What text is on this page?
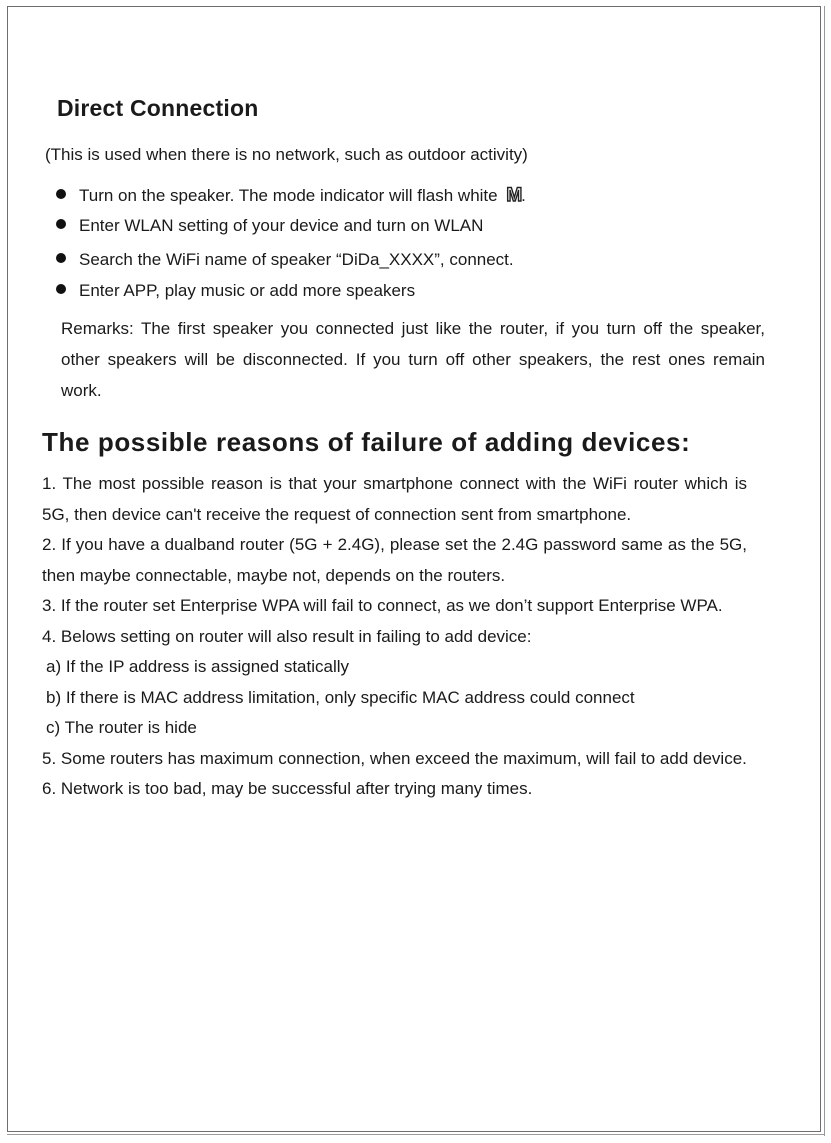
Direct Connection
(This is used when there is no network, such as outdoor activity)
Turn on the speaker. The mode indicator will flash white M.
Enter WLAN setting of your device and turn on WLAN
Search the WiFi name of speaker “DiDa_XXXX”, connect.
Enter APP, play music or add more speakers
Remarks: The first speaker you connected just like the router, if you turn off the speaker, other speakers will be disconnected. If you turn off other speakers, the rest ones remain work.
The possible reasons of failure of adding devices:

1. The most possible reason is that your smartphone connect with the WiFi router which is 5G, then device can't receive the request of connection sent from smartphone.

2. If you have a dualband router (5G + 2.4G), please set the 2.4G password same as the 5G, then maybe connectable, maybe not, depends on the routers.

3. If the router set Enterprise WPA will fail to connect, as we don’t support Enterprise WPA.

4. Belows setting on router will also result in failing to add device:

a) If the IP address is assigned statically

b) If there is MAC address limitation, only specific MAC address could connect

c) The router is hide

5. Some routers has maximum connection, when exceed the maximum, will fail to add device.

6. Network is too bad, may be successful after trying many times.
